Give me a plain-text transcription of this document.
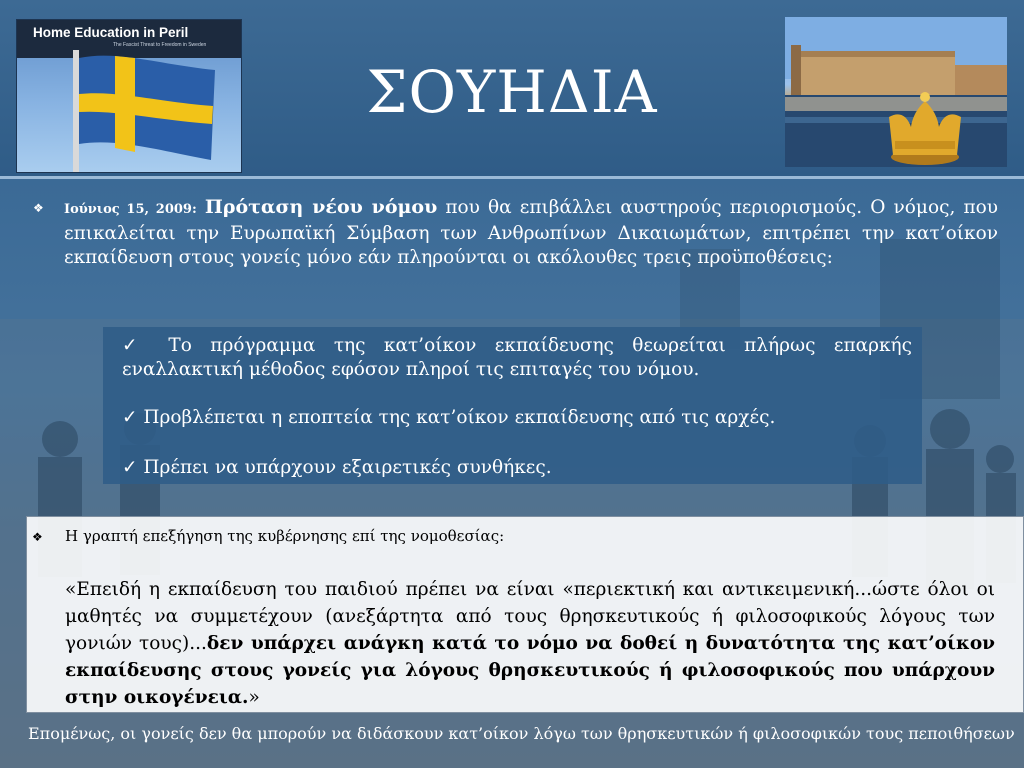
Home Education in Peril
The Fascist Threat to Freedom in Sweden
ΣΟΥΗΔΙΑ
❖ Ιούνιος 15, 2009: Πρόταση νέου νόμου που θα επιβάλλει αυστηρούς περιορισμούς. Ο νόμος, που επικαλείται την Ευρωπαϊκή Σύμβαση των Ανθρωπίνων Δικαιωμάτων, επιτρέπει την κατ’οίκον εκπαίδευση στους γονείς μόνο εάν πληρούνται οι ακόλουθες τρεις προϋποθέσεις:
✓ Το πρόγραμμα της κατ’οίκον εκπαίδευσης θεωρείται πλήρως επαρκής εναλλακτική μέθοδος εφόσον πληροί τις επιταγές του νόμου.
✓ Προβλέπεται η εποπτεία της κατ’οίκον εκπαίδευσης από τις αρχές.
✓ Πρέπει να υπάρχουν εξαιρετικές συνθήκες.
❖ Η γραπτή επεξήγηση της κυβέρνησης επί της νομοθεσίας:
«Επειδή η εκπαίδευση του παιδιού πρέπει να είναι «περιεκτική και αντικειμενική...ώστε όλοι οι μαθητές να συμμετέχουν (ανεξάρτητα από τους θρησκευτικούς ή φιλοσοφικούς λόγους των γονιών τους)...δεν υπάρχει ανάγκη κατά το νόμο να δοθεί η δυνατότητα της κατ’οίκον εκπαίδευσης στους γονείς για λόγους θρησκευτικούς ή φιλοσοφικούς που υπάρχουν στην οικογένεια.»
Επομένως, οι γονείς δεν θα μπορούν να διδάσκουν κατ’οίκον λόγω των θρησκευτικών ή φιλοσοφικών τους πεποιθήσεων
